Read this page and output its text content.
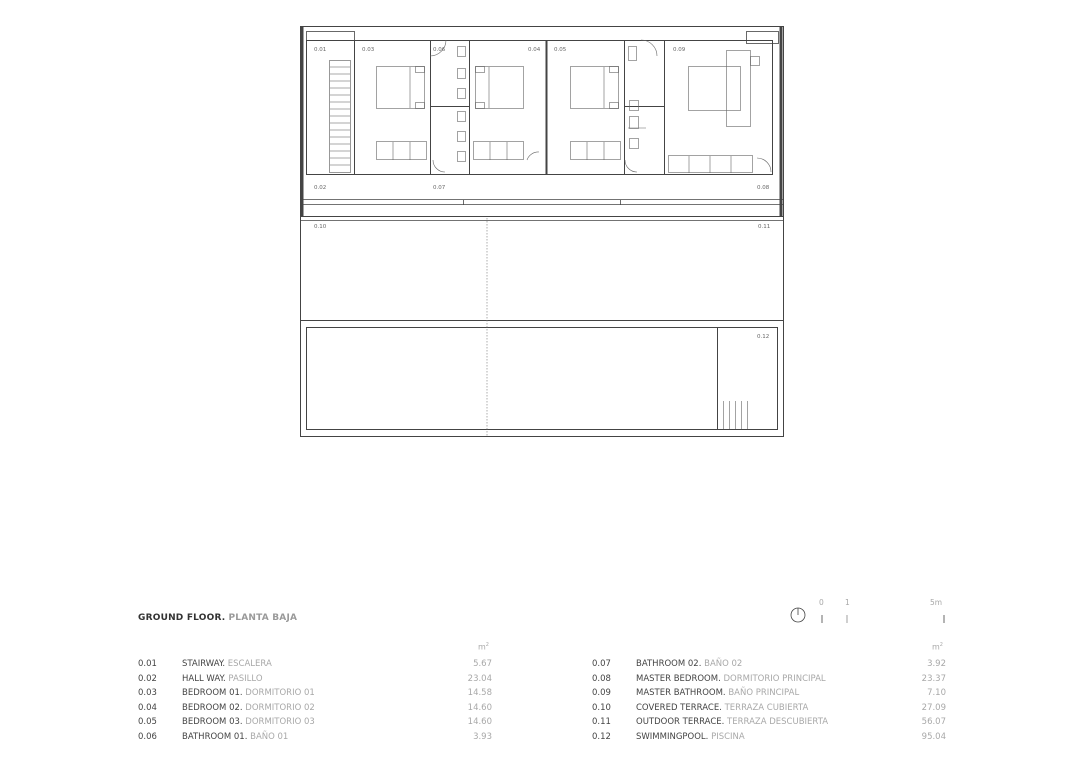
0.01	0.03	0.06	0.04	0.05	0.09
0.02	0.07	0.08
0.10	0.11
0.12
GROUND FLOOR. PLANTA BAJA
0	1	5m
$m^2$	$m^2$
0.01	STAIRWAY. ESCALERA	5.67
0.02	HALL WAY. PASILLO	23.04
0.03	BEDROOM 01. DORMITORIO 01	14.58
0.04	BEDROOM 02. DORMITORIO 02	14.60
0.05	BEDROOM 03. DORMITORIO 03	14.60
0.06	BATHROOM 01. BAÑO 01	3.93
0.07	BATHROOM 02. BAÑO 02	3.92
0.08	MASTER BEDROOM. DORMITORIO PRINCIPAL	23.37
0.09	MASTER BATHROOM. BAÑO PRINCIPAL	7.10
0.10	COVERED TERRACE. TERRAZA CUBIERTA	27.09
0.11	OUTDOOR TERRACE. TERRAZA DESCUBIERTA	56.07
0.12	SWIMMINGPOOL. PISCINA	95.04
